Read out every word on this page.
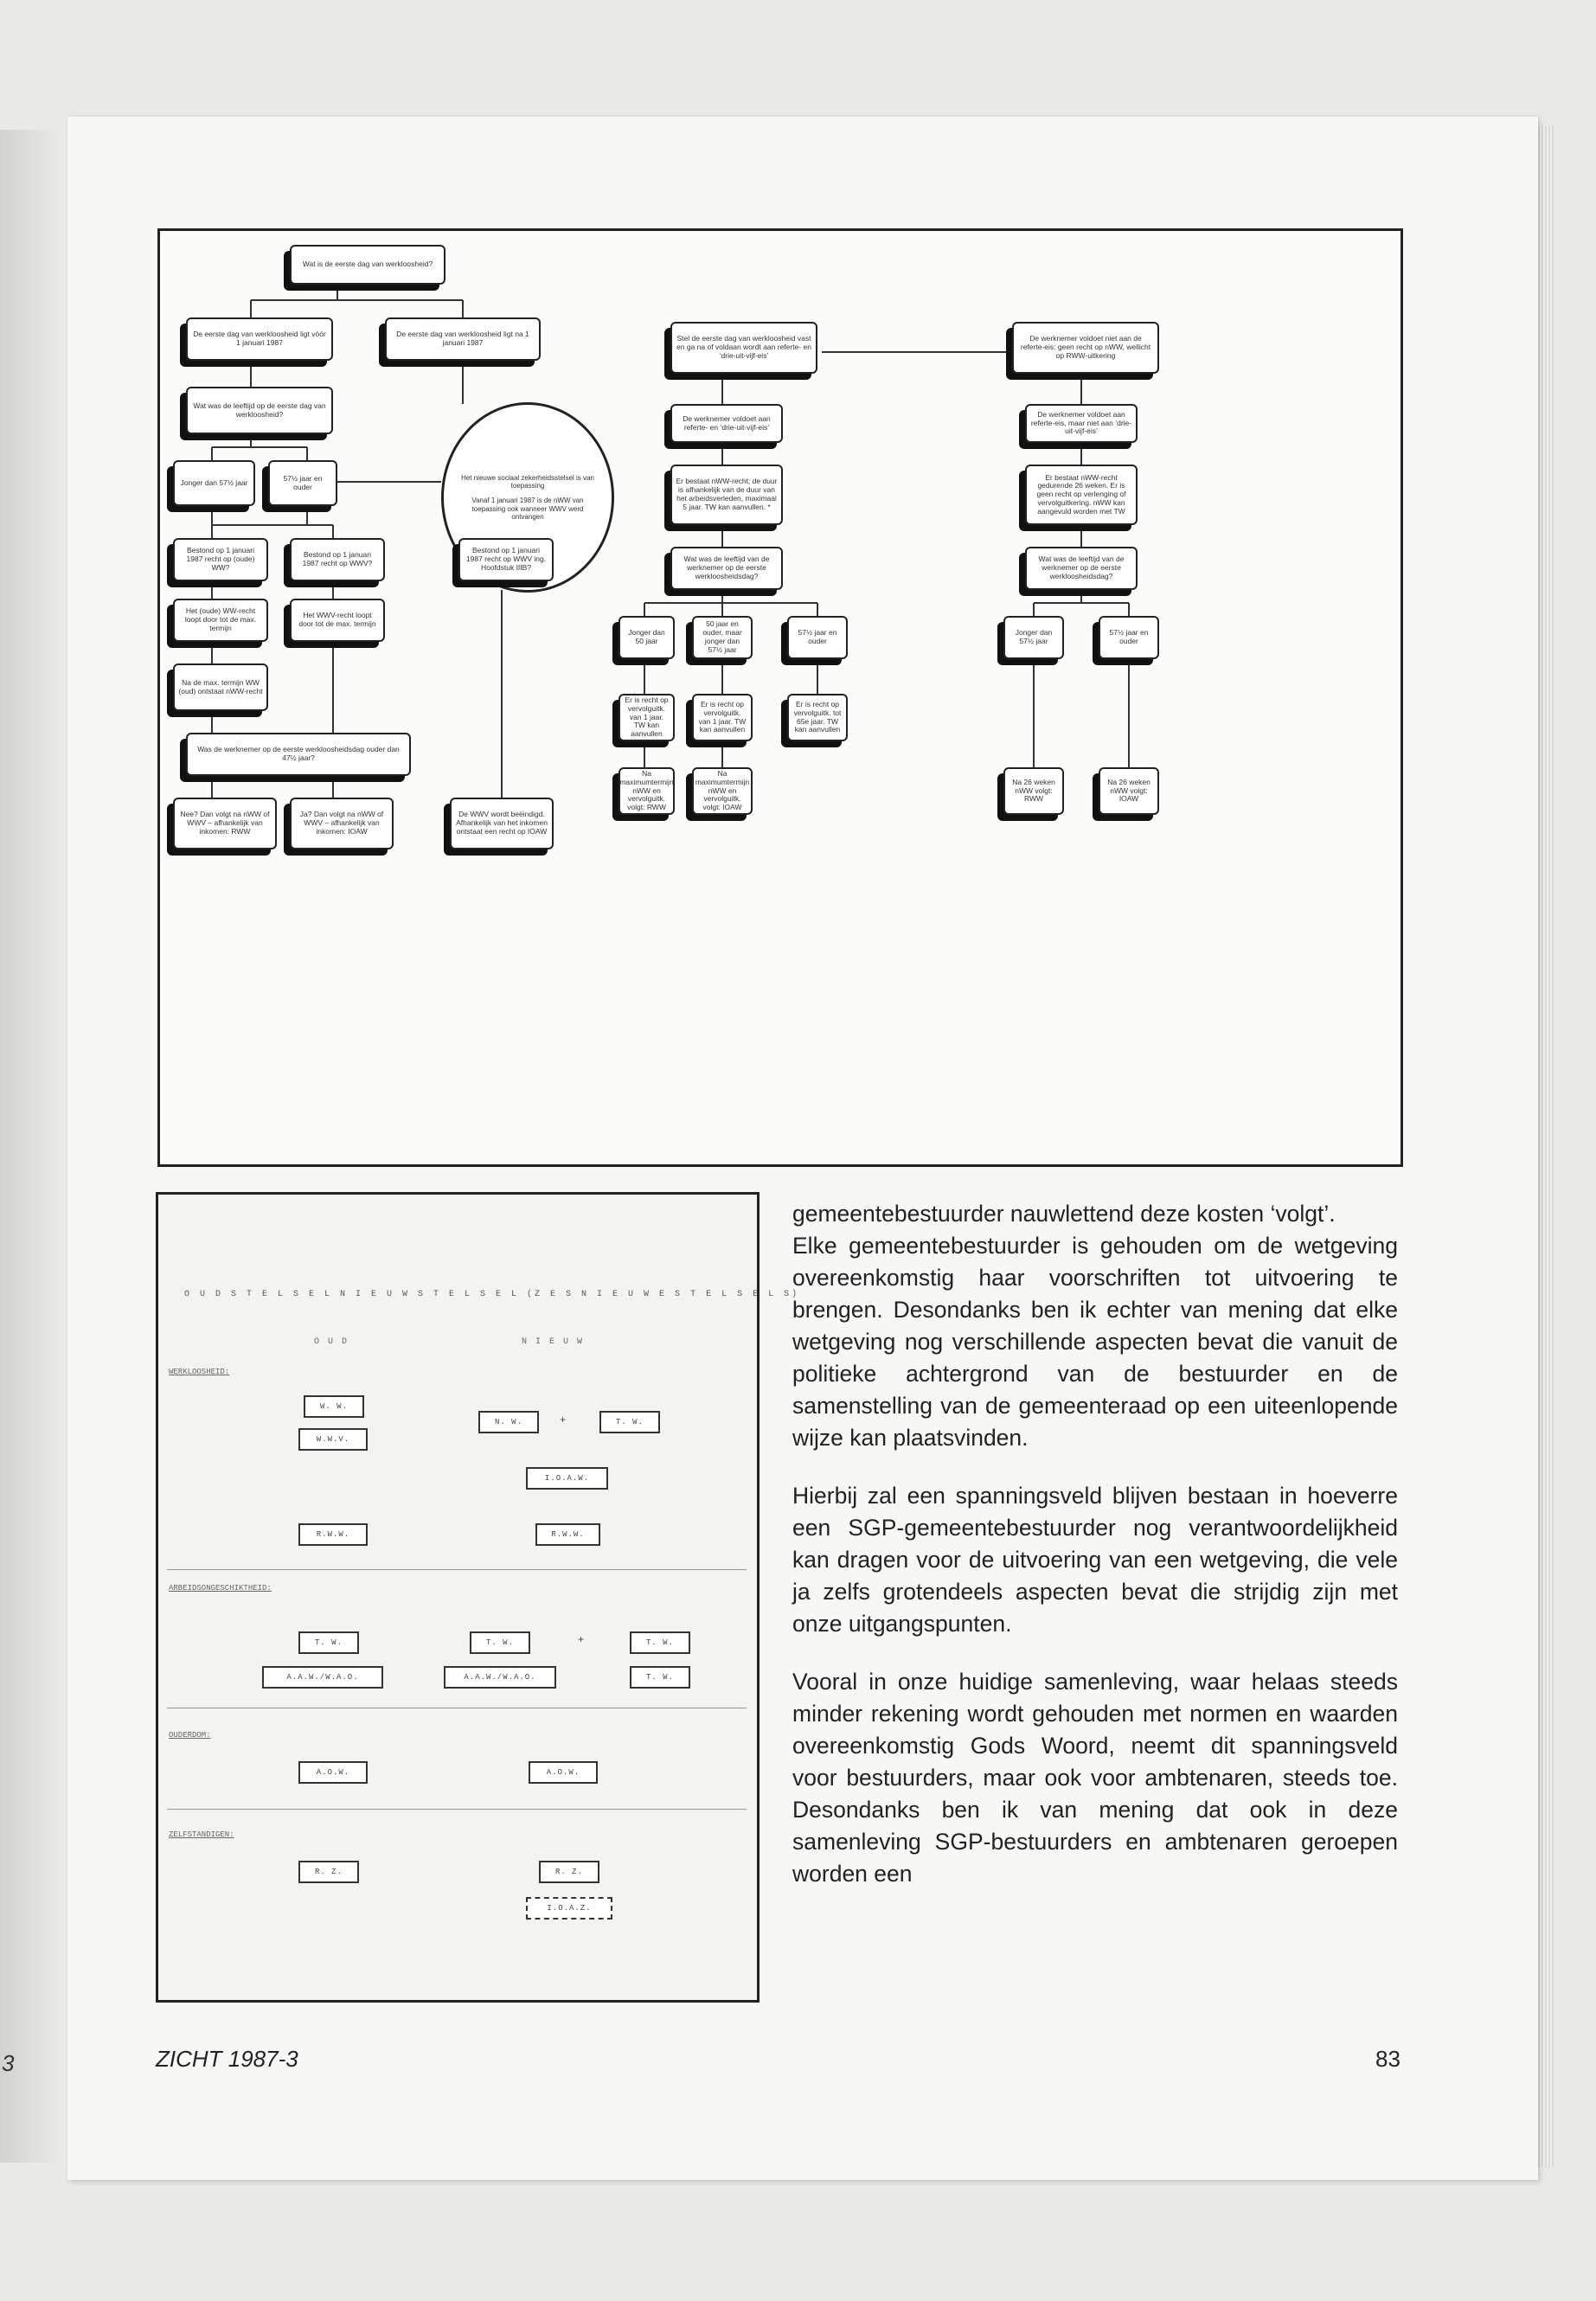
3
Wat is de eerste dag van werkloosheid?
De eerste dag van werkloosheid ligt vóór 1 januari 1987
De eerste dag van werkloosheid ligt na 1 januari 1987
Wat was de leeftijd op de eerste dag van werkloosheid?
Jonger dan 57½ jaar	57½ jaar en ouder
Het nieuwe sociaal zekerheidsstelsel is van toepassing
Vanaf 1 januari 1987 is de nWW van toepassing ook wanneer WWV werd ontvangen
Bestond op 1 januari 1987 recht op (oude) WW?
Bestond op 1 januari 1987 recht op WWV?
Bestond op 1 januari 1987 recht op WWV ing. Hoofdstuk IIIB?
Het (oude) WW-recht loopt door tot de max. termijn
Het WWV-recht loopt door tot de max. termijn
Na de max. termijn WW (oud) ontstaat nWW-recht
Was de werknemer op de eerste werkloosheidsdag ouder dan 47½ jaar?
Nee? Dan volgt na nWW of WWV – afhankelijk van inkomen: RWW
Ja? Dan volgt na nWW of WWV – afhankelijk van inkomen: IOAW
De WWV wordt beëindigd. Afhankelijk van het inkomen ontstaat een recht op IOAW
Stel de eerste dag van werkloosheid vast en ga na of voldaan wordt aan referte- en ‘drie-uit-vijf-eis’
De werknemer voldoet niet aan de referte-eis: geen recht op nWW, wellicht op RWW-uitkering
De werknemer voldoet aan referte- en ‘drie-uit-vijf-eis’
De werknemer voldoet aan referte-eis, maar niet aan ‘drie-uit-vijf-eis’
Er bestaat nWW-recht; de duur is afhankelijk van de duur van het arbeidsverleden, maximaal 5 jaar. TW kan aanvullen. *
Er bestaat nWW-recht gedurende 26 weken. Er is geen recht op verlenging of vervolguitkering. nWW kan aangevuld worden met TW
Wat was de leeftijd van de werknemer op de eerste werkloosheidsdag?
Wat was de leeftijd van de werknemer op de eerste werkloosheidsdag?
Jonger dan 50 jaar
50 jaar en ouder, maar jonger dan 57½ jaar
57½ jaar en ouder
Jonger dan 57½ jaar
57½ jaar en ouder
Er is recht op vervolguitk. van 1 jaar. TW kan aanvullen
Er is recht op vervolguitk. van 1 jaar. TW kan aanvullen
Er is recht op vervolguitk. tot 65e jaar. TW kan aanvullen
Na maximumtermijn nWW en vervolguitk. volgt: RWW
Na maximumtermijn nWW en vervolguitk. volgt: IOAW
Na 26 weken nWW volgt: RWW
Na 26 weken nWW volgt: IOAW
O U D S T E L S E L N I E U W S T E L S E L (Z E S N I E U W E S T E L S E L S)
O U D	N I E U W
WERKLOOSHEID:
W. W.
W.W.V.
R.W.W.
N. W.	+	T. W.
I.O.A.W.
R.W.W.
ARBEIDSONGESCHIKTHEID:
T. W.
A.A.W./W.A.O.
T. W.
A.A.W./W.A.O.
+	T. W.
T. W.
OUDERDOM:
A.O.W.	A.O.W.
ZELFSTANDIGEN:
R. Z.	R. Z.
I.O.A.Z.

gemeentebestuurder nauwlettend deze kosten ‘volgt’.

Elke gemeentebestuurder is gehouden om de wetgeving overeenkomstig haar voorschriften tot uitvoering te brengen. Desondanks ben ik echter van mening dat elke wetgeving nog verschillende aspecten bevat die vanuit de politieke achtergrond van de bestuurder en de samenstelling van de gemeenteraad op een uiteenlopende wijze kan plaatsvinden.

Hierbij zal een spanningsveld blijven bestaan in hoeverre een SGP-gemeentebestuurder nog verantwoordelijkheid kan dragen voor de uitvoering van een wetgeving, die vele ja zelfs grotendeels aspecten bevat die strijdig zijn met onze uitgangspunten.

Vooral in onze huidige samenleving, waar helaas steeds minder rekening wordt gehouden met normen en waarden overeenkomstig Gods Woord, neemt dit spanningsveld voor bestuurders, maar ook voor ambtenaren, steeds toe. Desondanks ben ik van mening dat ook in deze samenleving SGP-bestuurders en ambtenaren geroepen worden een

ZICHT 1987-3	83
